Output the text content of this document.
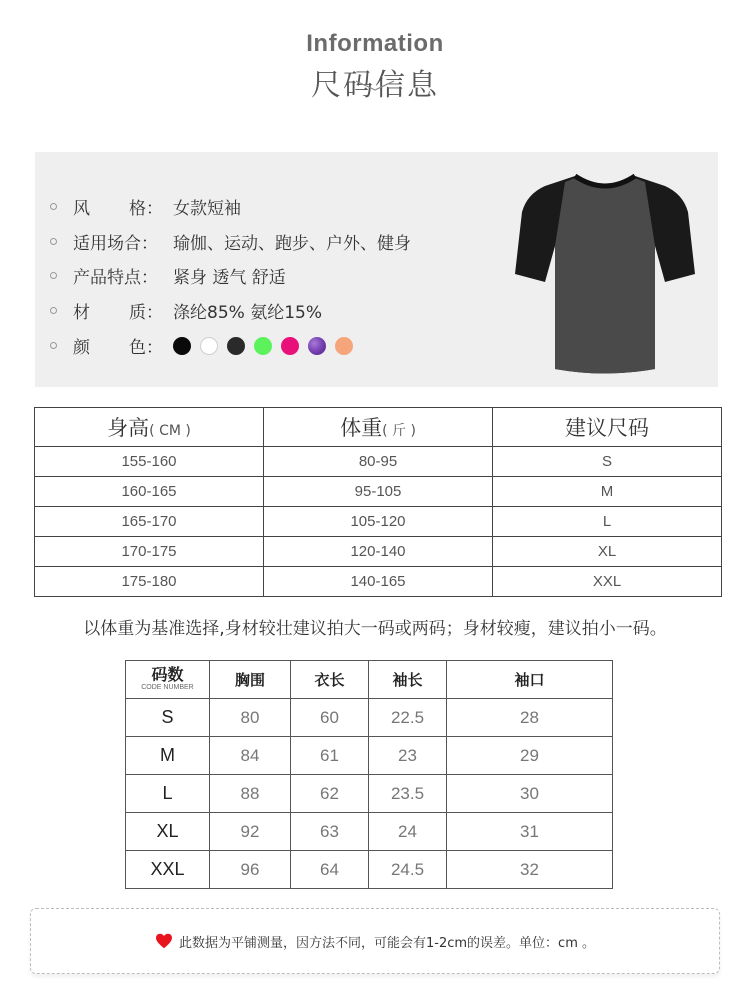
Information
尺码信息
风 格： 女款短袖
适用场合： 瑜伽、运动、跑步、户外、健身
产品特点： 紧身 透气 舒适
材 质： 涤纶85% 氨纶15%
颜 色：
身高( CM )	体重( 斤 )	建议尺码
155-160	80-95	S
160-165	95-105	M
165-170	105-120	L
170-175	120-140	XL
175-180	140-165	XXL
以体重为基准选择,身材较壮建议拍大一码或两码；身材较瘦，建议拍小一码。
码数
CODE NUMBER	胸围	衣长	袖长	袖口
S	80	60	22.5	28
M	84	61	23	29
L	88	62	23.5	30
XL	92	63	24	31
XXL	96	64	24.5	32
此数据为平铺测量，因方法不同，可能会有1-2cm的误差。单位：cm 。
